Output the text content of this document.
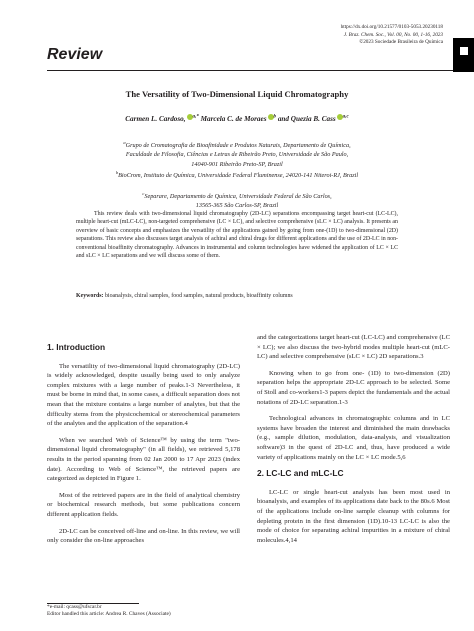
Review
https://dx.doi.org/10.21577/0103-5053.20230118
J. Braz. Chem. Soc., Vol. 00, No. 00, 1-16, 2023
©2023 Sociedade Brasileira de Química
The Versatility of Two-Dimensional Liquid Chromatography
Carmen L. Cardoso, $^{a,*}$ Marcela C. de Moraes $^b$ and Quezia B. Cass $^{a,c}$
$^a$Grupo de Cromatografia de Bioafinidade e Produtos Naturais, Departamento de Química,
Faculdade de Filosofia, Ciências e Letras de Ribeirão Preto, Universidade de São Paulo,
14040-901 Ribeirão Preto-SP, Brazil
$^b$BioCrom, Instituto de Química, Universidade Federal Fluminense, 24020-141 Niteroi-RJ, Brazil
$^c$Separare, Departamento de Química, Universidade Federal de São Carlos,
13565-365 São Carlos-SP, Brazil
This review deals with two-dimensional liquid chromatography (2D-LC) separations encompassing target heart-cut (LC-LC), multiple heart-cut (mLC-LC), non-targeted comprehensive (LC × LC), and selective comprehensive (sLC × LC) analysis. It presents an overview of basic concepts and emphasizes the versatility of the applications gained by going from one-(1D) to two-dimensional (2D) separations. This review also discusses target analysis of achiral and chiral drugs for different applications and the use of 2D-LC in non-conventional bioaffinity chromatography. Advances in instrumental and column technologies have widened the application of LC × LC and sLC × LC separations and we will discuss some of them.
Keywords: bioanalysis, chiral samples, food samples, natural products, bioaffinity columns
1. Introduction

The versatility of two-dimensional liquid chromatography (2D-LC) is widely acknowledged, despite usually being used to only analyze complex mixtures with a large number of peaks.1-3 Nevertheless, it must be borne in mind that, in some cases, a difficult separation does not mean that the mixture contains a large number of analytes, but that the difficulty stems from the physicochemical or stereochemical parameters of the analytes and the application of the separation.4

When we searched Web of Science™ by using the term "two-dimensional liquid chromatography" (in all fields), we retrieved 5,178 results in the period spanning from 02 Jan 2000 to 17 Apr 2023 (index date). According to Web of Science™, the retrieved papers are categorized as depicted in Figure 1.

Most of the retrieved papers are in the field of analytical chemistry or biochemical research methods, but some publications concern different application fields.

2D-LC can be conceived off-line and on-line. In this review, we will only consider the on-line approaches

and the categorizations target heart-cut (LC-LC) and comprehensive (LC × LC); we also discuss the two-hybrid modes multiple heart-cut (mLC-LC) and selective comprehensive (sLC × LC) 2D separations.3

Knowing when to go from one- (1D) to two-dimension (2D) separation helps the appropriate 2D-LC approach to be selected. Some of Stoll and co-workers1-3 papers depict the fundamentals and the actual notations of 2D-LC separation.1-3

Technological advances in chromatographic columns and in LC systems have broaden the interest and diminished the main drawbacks (e.g., sample dilution, modulation, data-analysis, and visualization software)3 in the quest of 2D-LC and, thus, have produced a wide variety of applications mainly on the LC × LC mode.5,6

2. LC-LC and mLC-LC

LC-LC or single heart-cut analysis has been most used in bioanalysis, and examples of its applications date back to the 80s.6 Most of the applications include on-line sample cleanup with columns for depleting protein in the first dimension (1D).10-13 LC-LC is also the mode of choice for separating achiral impurities in a mixture of chiral molecules.4,14

*e-mail: qcass@ufscar.br
Editor handled this article: Andrea R. Chaves (Associate)
